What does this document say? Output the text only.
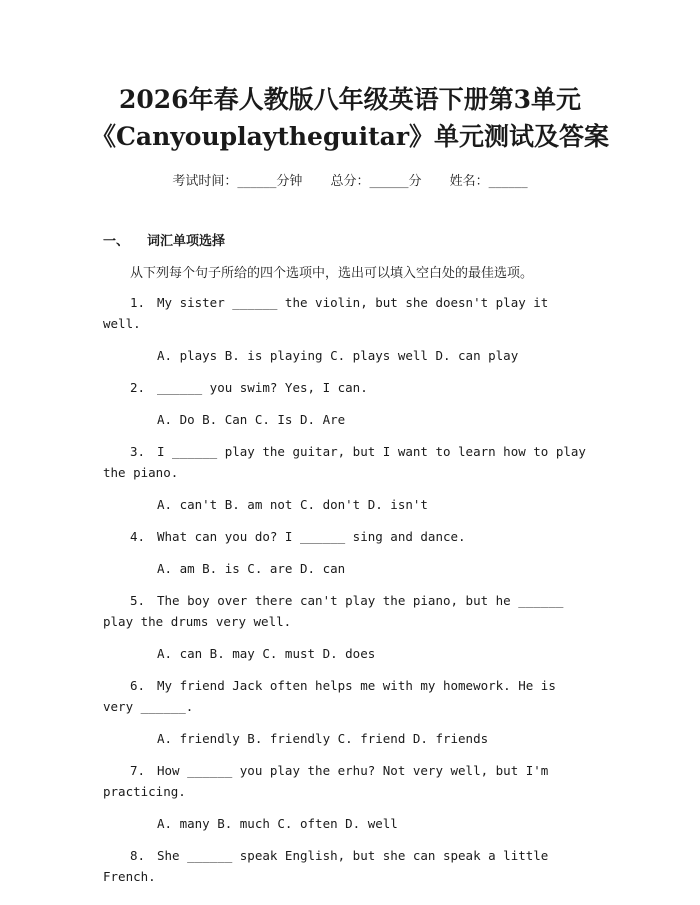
2026年春人教版八年级英语下册第3单元
《Canyouplaytheguitar》单元测试及答案
考试时间：______分钟 总分：______分 姓名：______
一、 词汇单项选择
从下列每个句子所给的四个选项中，选出可以填入空白处的最佳选项。
1. My sister ______ the violin, but she doesn't play it well.
A. plays B. is playing C. plays well D. can play
2. ______ you swim? Yes, I can.
A. Do B. Can C. Is D. Are
3. I ______ play the guitar, but I want to learn how to play the piano.
A. can't B. am not C. don't D. isn't
4. What can you do? I ______ sing and dance.
A. am B. is C. are D. can
5. The boy over there can't play the piano, but he ______ play the drums very well.
A. can B. may C. must D. does
6. My friend Jack often helps me with my homework. He is very ______.
A. friendly B. friendly C. friend D. friends
7. How ______ you play the erhu? Not very well, but I'm practicing.
A. many B. much C. often D. well
8. She ______ speak English, but she can speak a little French.
